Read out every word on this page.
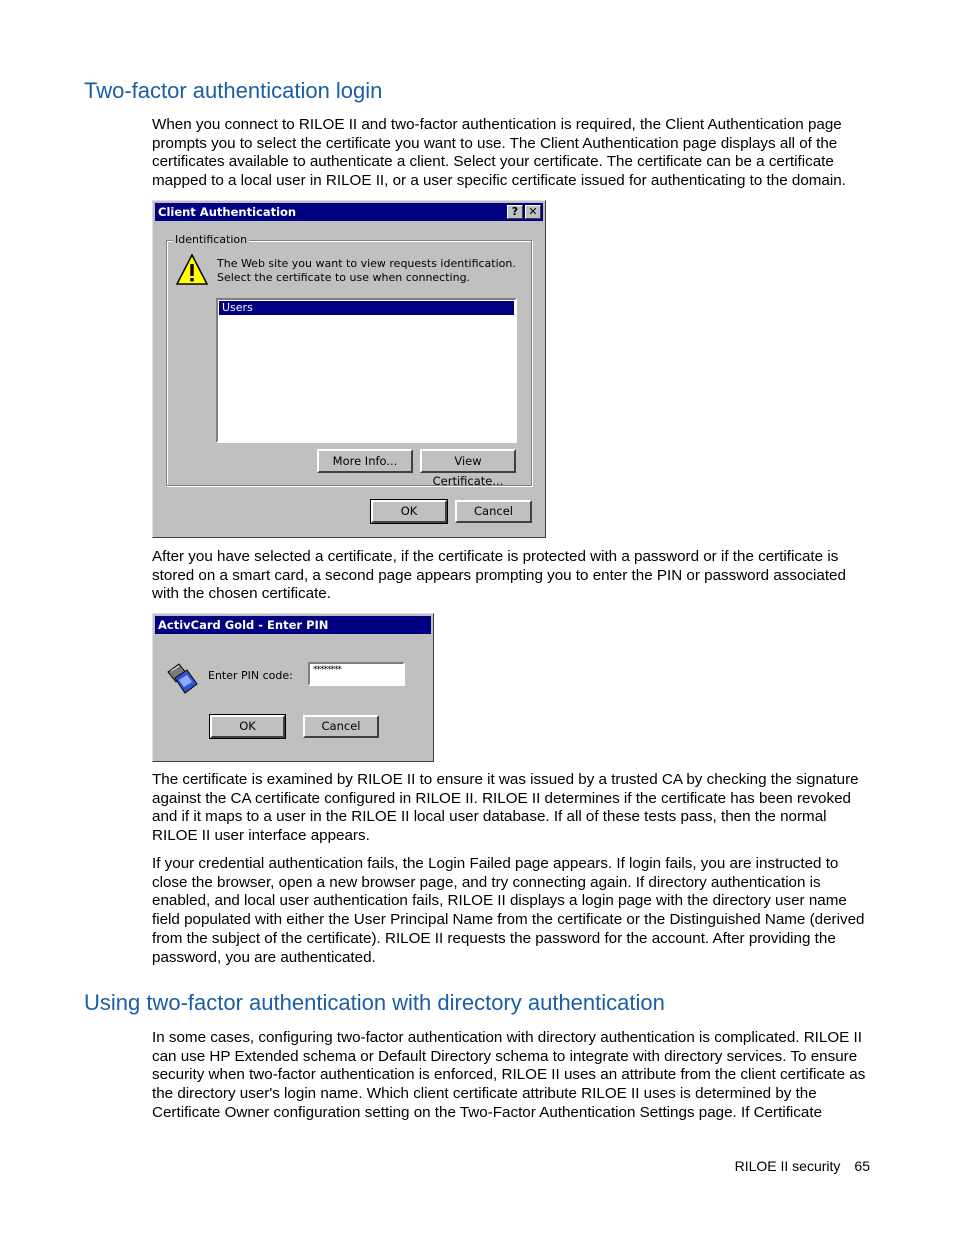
Two-factor authentication login

When you connect to RILOE II and two-factor authentication is required, the Client Authentication page prompts you to select the certificate you want to use. The Client Authentication page displays all of the certificates available to authenticate a client. Select your certificate. The certificate can be a certificate mapped to a local user in RILOE II, or a user specific certificate issued for authenticating to the domain.

Client Authentication	? ✕
Identification
The Web site you want to view requests identification.
Select the certificate to use when connecting.
Users
More Info...	View Certificate...
OK	Cancel

After you have selected a certificate, if the certificate is protected with a password or if the certificate is stored on a smart card, a second page appears prompting you to enter the PIN or password associated with the chosen certificate.

ActivCard Gold - Enter PIN
Enter PIN code: ********
OK	Cancel

The certificate is examined by RILOE II to ensure it was issued by a trusted CA by checking the signature against the CA certificate configured in RILOE II. RILOE II determines if the certificate has been revoked and if it maps to a user in the RILOE II local user database. If all of these tests pass, then the normal RILOE II user interface appears.

If your credential authentication fails, the Login Failed page appears. If login fails, you are instructed to close the browser, open a new browser page, and try connecting again. If directory authentication is enabled, and local user authentication fails, RILOE II displays a login page with the directory user name field populated with either the User Principal Name from the certificate or the Distinguished Name (derived from the subject of the certificate). RILOE II requests the password for the account. After providing the password, you are authenticated.

Using two-factor authentication with directory authentication

In some cases, configuring two-factor authentication with directory authentication is complicated. RILOE II can use HP Extended schema or Default Directory schema to integrate with directory services. To ensure security when two-factor authentication is enforced, RILOE II uses an attribute from the client certificate as the directory user's login name. Which client certificate attribute RILOE II uses is determined by the Certificate Owner configuration setting on the Two-Factor Authentication Settings page. If Certificate

RILOE II security 65
